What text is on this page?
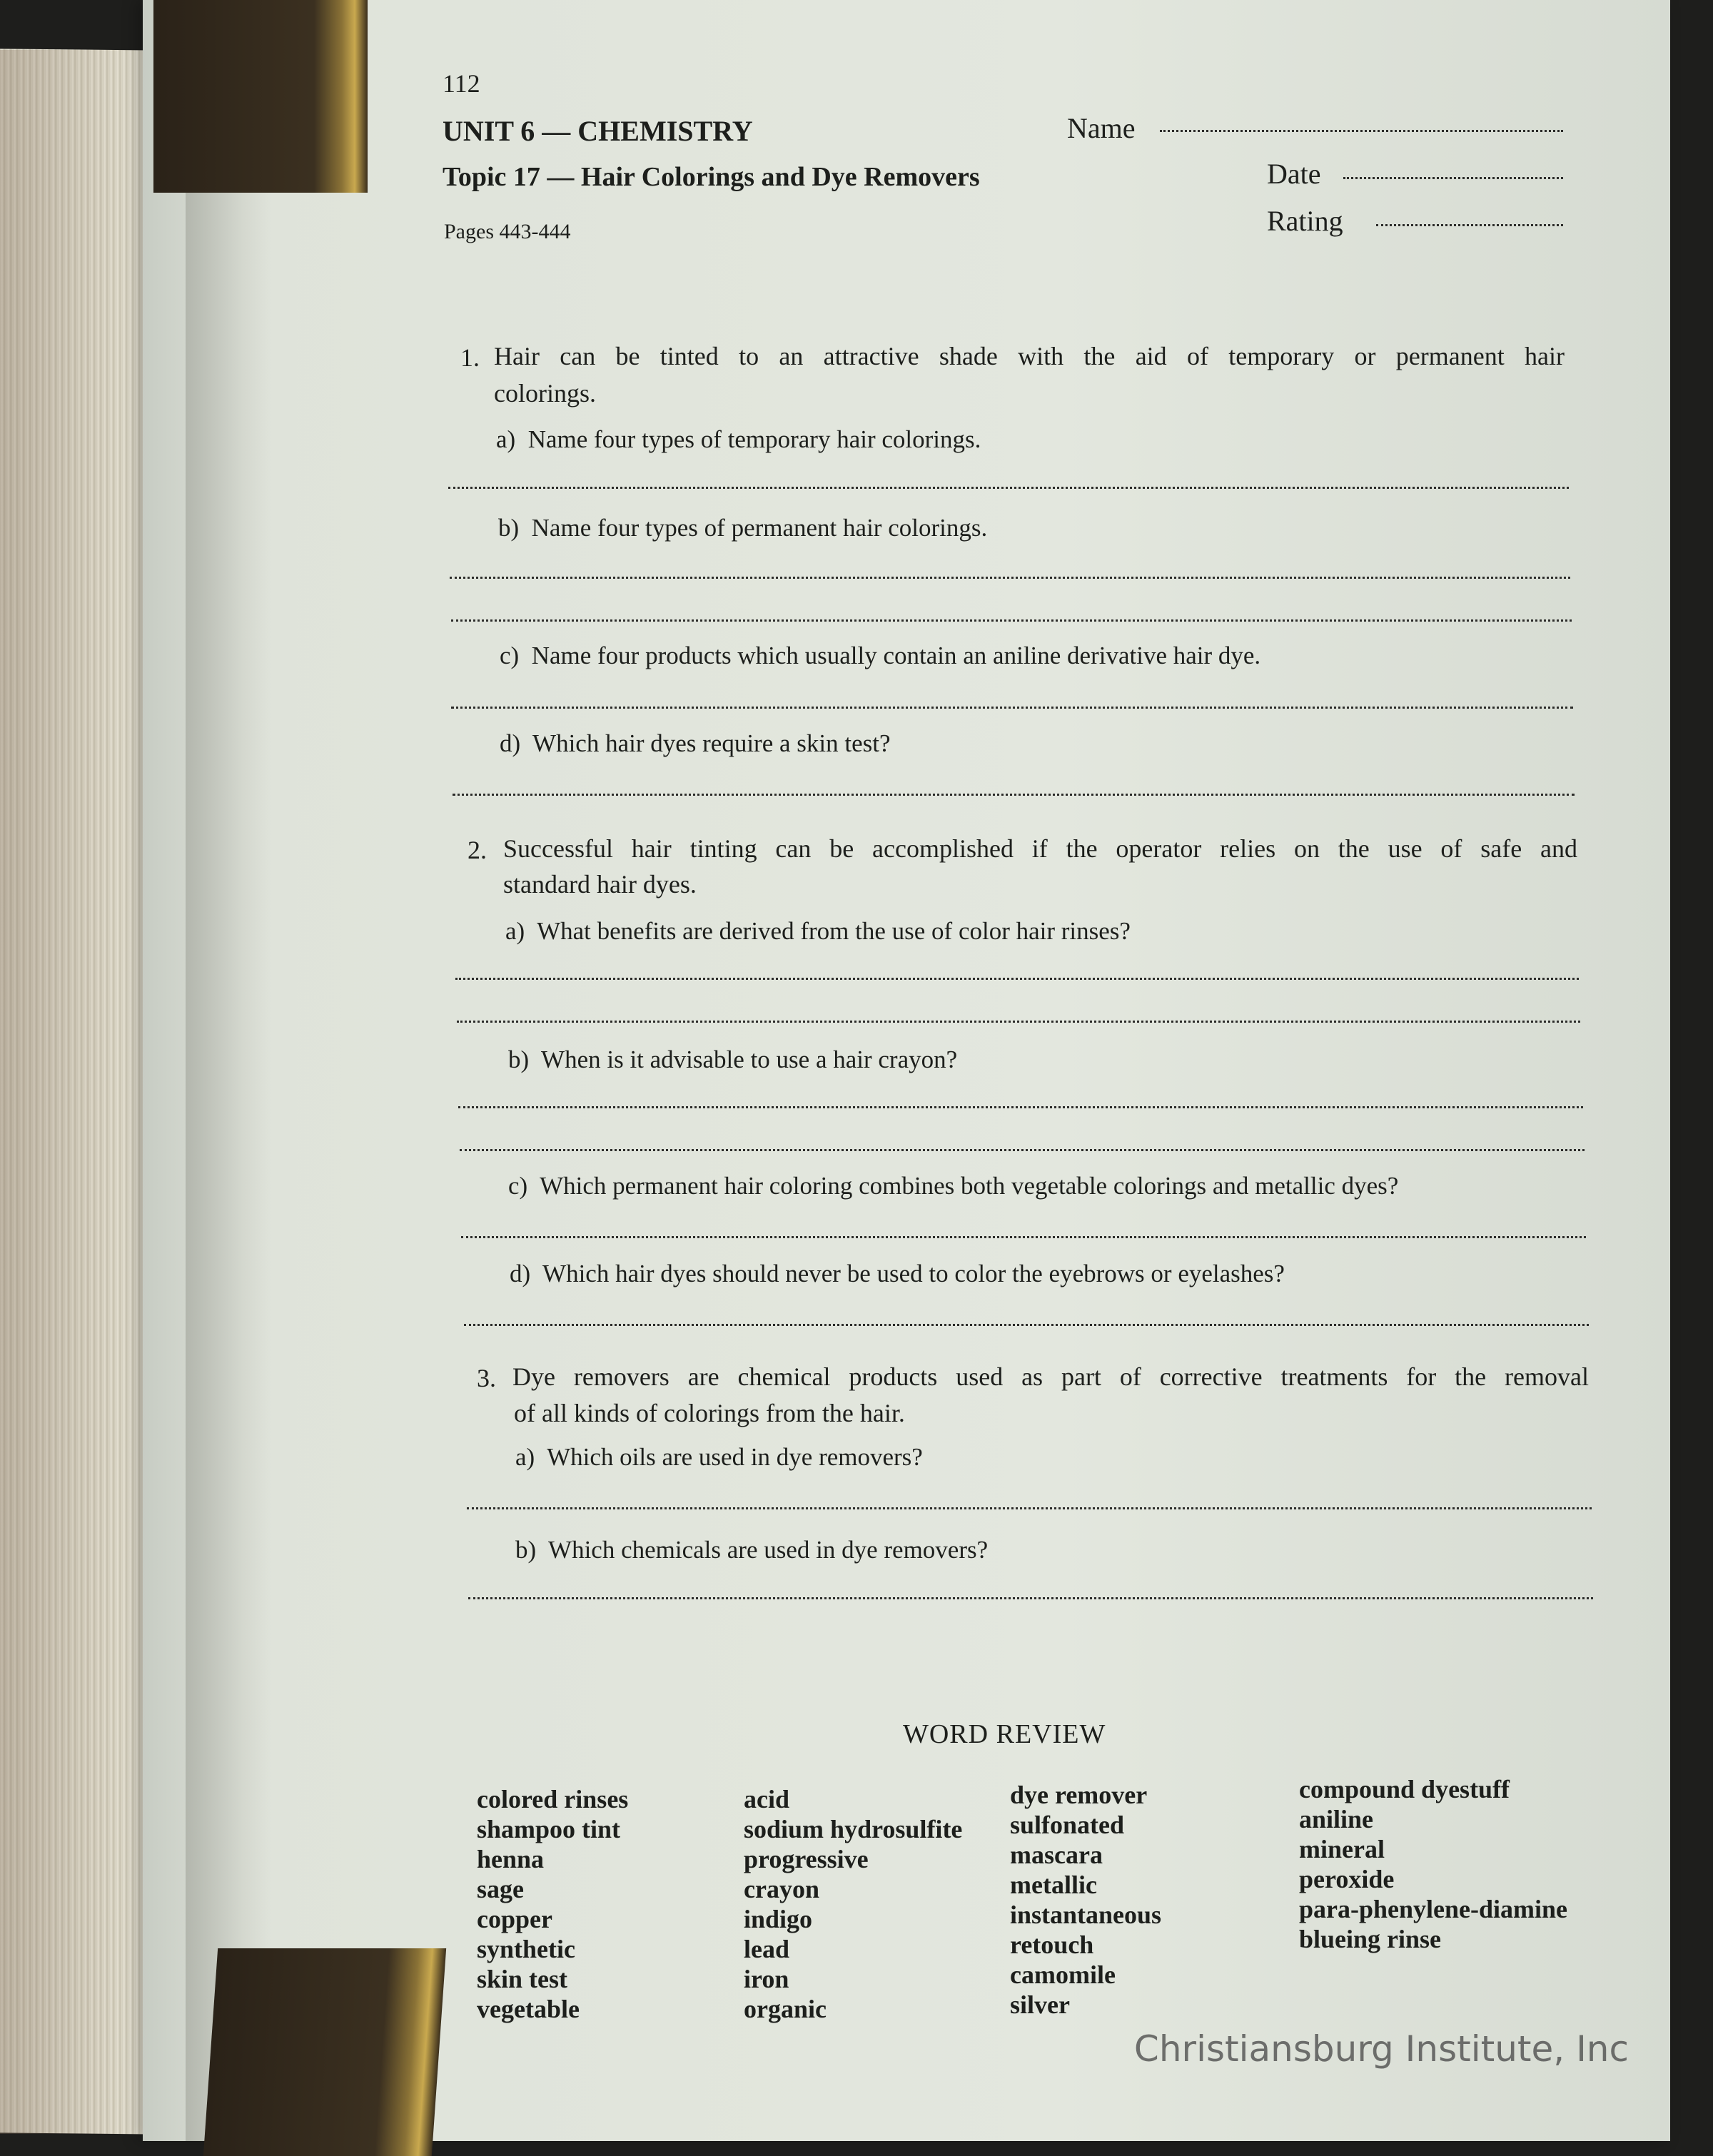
112
UNIT 6 — CHEMISTRY
Topic 17 — Hair Colorings and Dye Removers
Pages 443-444
Name
Date
Rating
1. Hair can be tinted to an attractive shade with the aid of temporary or permanent hair
colorings.
a) Name four types of temporary hair colorings.
b) Name four types of permanent hair colorings.
c) Name four products which usually contain an aniline derivative hair dye.
d) Which hair dyes require a skin test?
2. Successful hair tinting can be accomplished if the operator relies on the use of safe and
standard hair dyes.
a) What benefits are derived from the use of color hair rinses?
b) When is it advisable to use a hair crayon?
c) Which permanent hair coloring combines both vegetable colorings and metallic dyes?
d) Which hair dyes should never be used to color the eyebrows or eyelashes?
3. Dye removers are chemical products used as part of corrective treatments for the removal
of all kinds of colorings from the hair.
a) Which oils are used in dye removers?
b) Which chemicals are used in dye removers?
WORD REVIEW
colored rinses
shampoo tint
henna
sage
copper
synthetic
skin test
vegetable
acid
sodium hydrosulfite
progressive
crayon
indigo
lead
iron
organic
dye remover
sulfonated
mascara
metallic
instantaneous
retouch
camomile
silver
compound dyestuff
aniline
mineral
peroxide
para-phenylene-diamine
blueing rinse
Christiansburg Institute, Inc
